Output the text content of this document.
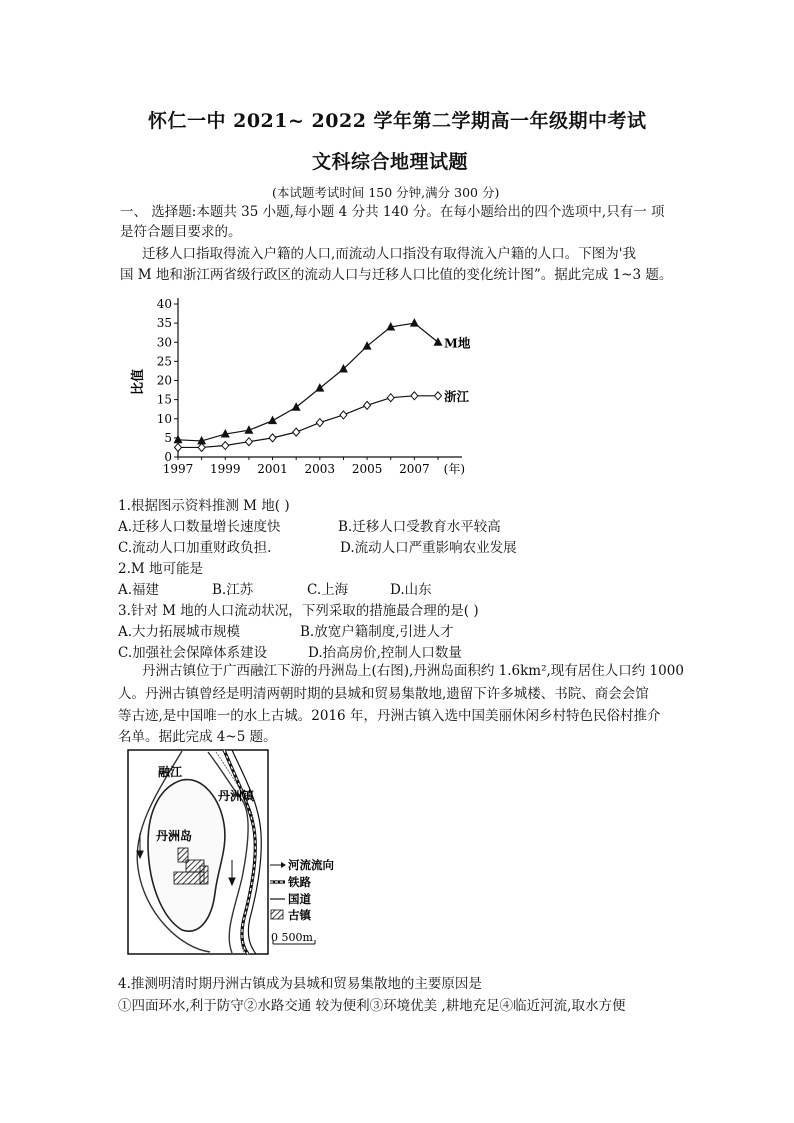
怀仁一中 2021~ 2022 学年第二学期高一年级期中考试
文科综合地理试题
(本试题考试时间 150 分钟,满分 300 分)
一、 选择题:本题共 35 小题,每小题 4 分共 140 分。在每小题给出的四个选项中,只有一 项
是符合题目要求的。
迁移人口指取得流入户籍的人口,而流动人口指没有取得流入户籍的人口。下图为'我
国 M 地和浙江两省级行政区的流动人口与迁移人口比值的变化统计图”。据此完成 1~3 题。
0
5
10
15
20
25
30
35
40
1997 1999 2001 2003 2005 2007
比值
(年)
M地
浙江
1.根据图示资料推测 M 地( )
A.迁移人口数量增长速度快	B.迁移人口受教育水平较高
C.流动人口加重财政负担.	D.流动人口严重影响农业发展
2.M 地可能是
A.福建	B.江苏	C.上海	D.山东
3.针对 M 地的人口流动状况，下列采取的措施最合理的是( )
A.大力拓展城市规模	B.放宽户籍制度,引进人才
C.加强社会保障体系建设	D.抬高房价,控制人口数量
丹洲古镇位于广西融江下游的丹洲岛上(右图),丹洲岛面积约 1.6km²,现有居住人口约 1000
人。丹洲古镇曾经是明清两朝时期的县城和贸易集散地,遗留下许多城楼、书院、商会会馆
等古迹,是中国唯一的水上古城。2016 年，丹洲古镇入选中国美丽休闲乡村特色民俗村推介
名单。据此完成 4~5 题。
融江
丹洲镇
丹洲岛
河流流向
铁路
国道
古镇
0 500m
4.推测明清时期丹洲古镇成为县城和贸易集散地的主要原因是
①四面环水,利于防守②水路交通 较为便利③环境优美 ,耕地充足④临近河流,取水方便
